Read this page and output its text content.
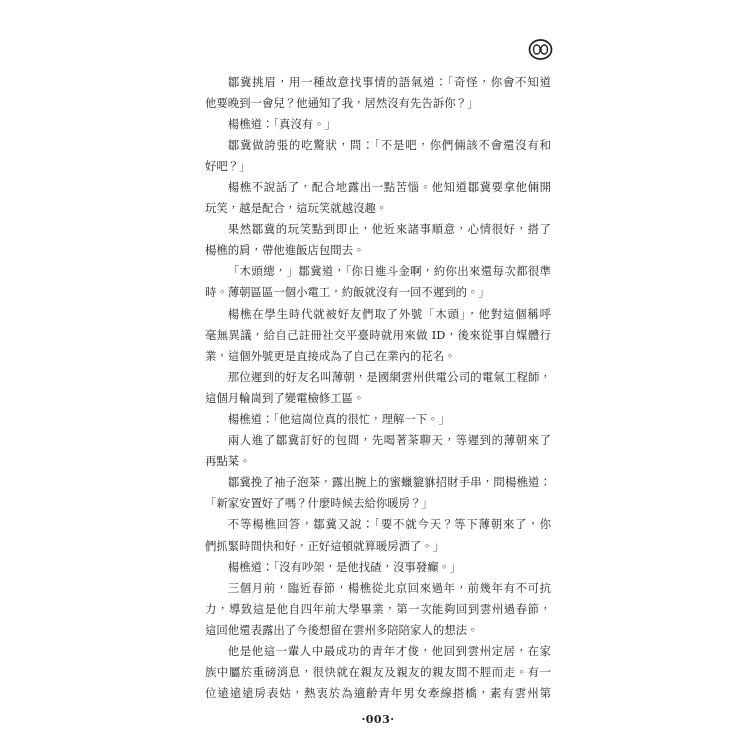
鄒冀挑眉，用一種故意找事情的語氣道：「奇怪，你會不知道
他要晚到一會兒？他通知了我，居然沒有先告訴你？」
楊樵道：「真沒有。」
鄒冀做誇張的吃驚狀，問：「不是吧，你們倆該不會還沒有和
好吧？」
楊樵不說話了，配合地露出一點苦惱。他知道鄒冀要拿他倆開
玩笑，越是配合，這玩笑就越沒趣。
果然鄒冀的玩笑點到即止，他近來諸事順意，心情很好，搭了
楊樵的肩，帶他進飯店包間去。
「木頭總，」鄒冀道，「你日進斗金啊，約你出來還每次都很準
時。薄朝區區一個小電工，約飯就沒有一回不遲到的。」
楊樵在學生時代就被好友們取了外號「木頭」，他對這個稱呼
毫無異議，給自己註冊社交平臺時就用來做 ID，後來從事自媒體行
業，這個外號更是直接成為了自己在業內的花名。
那位遲到的好友名叫薄朝，是國網雲州供電公司的電氣工程師，
這個月輪崗到了變電檢修工區。
楊樵道：「他這崗位真的很忙，理解一下。」
兩人進了鄒冀訂好的包間，先喝著茶聊天，等遲到的薄朝來了
再點菜。
鄒冀挽了袖子泡茶，露出腕上的蜜蠟貔貅招財手串，問楊樵道：
「新家安置好了嗎？什麼時候去給你暖房？」
不等楊樵回答，鄒冀又說：「要不就今天？等下薄朝來了，你
們抓緊時間快和好，正好這頓就算暖房酒了。」
楊樵道：「沒有吵架，是他找碴，沒事發癲。」
三個月前，臨近春節，楊樵從北京回來過年，前幾年有不可抗
力，導致這是他自四年前大學畢業，第一次能夠回到雲州過春節，
這回他還表露出了今後想留在雲州多陪陪家人的想法。
他是他這一輩人中最成功的青年才俊，他回到雲州定居，在家
族中屬於重磅消息，很快就在親友及親友的親友間不脛而走。有一
位遠遠遠房表姑，熱衷於為適齡青年男女牽線搭橋，素有雲州第
·003·
